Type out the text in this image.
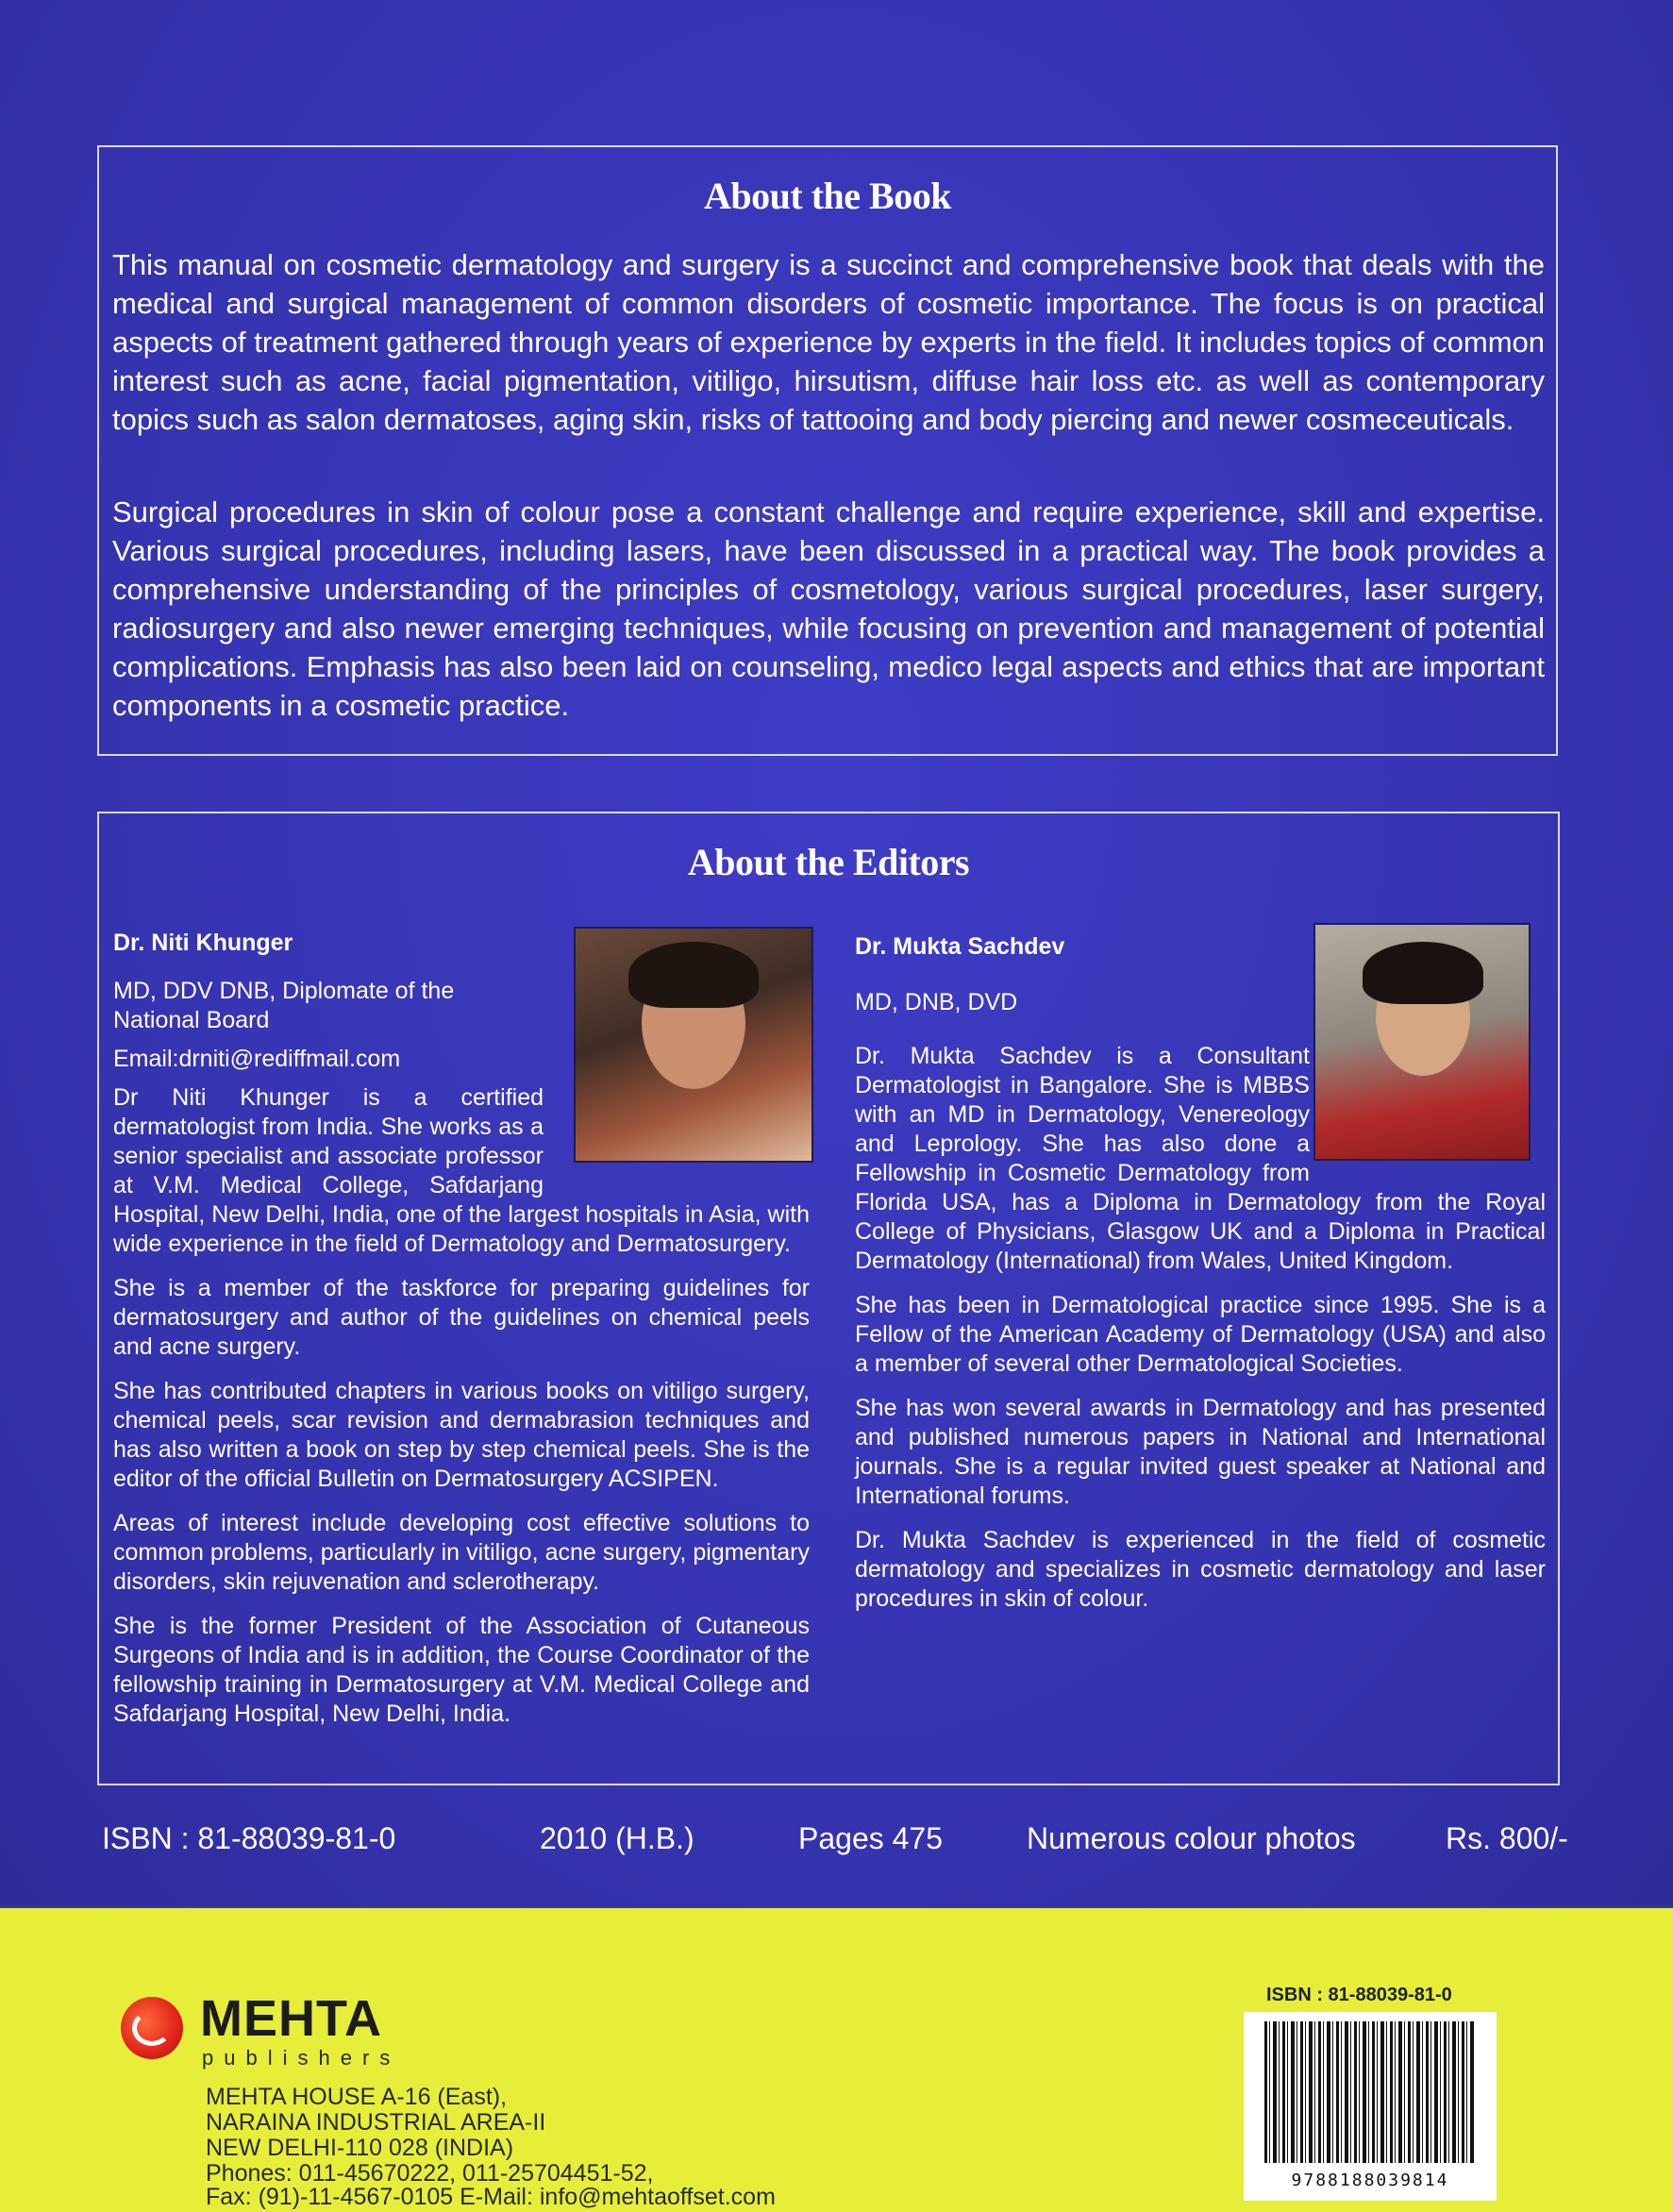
About the Book
This manual on cosmetic dermatology and surgery is a succinct and comprehensive book that deals with the medical and surgical management of common disorders of cosmetic importance. The focus is on practical aspects of treatment gathered through years of experience by experts in the field. It includes topics of common interest such as acne, facial pigmentation, vitiligo, hirsutism, diffuse hair loss etc. as well as contemporary topics such as salon dermatoses, aging skin, risks of tattooing and body piercing and newer cosmeceuticals.
Surgical procedures in skin of colour pose a constant challenge and require experience, skill and expertise. Various surgical procedures, including lasers, have been discussed in a practical way. The book provides a comprehensive understanding of the principles of cosmetology, various surgical procedures, laser surgery, radiosurgery and also newer emerging techniques, while focusing on prevention and management of potential complications. Emphasis has also been laid on counseling, medico legal aspects and ethics that are important components in a cosmetic practice.
About the Editors

Dr. Niti Khunger

MD, DDV DNB, Diplomate of the National Board

Email:drniti@rediffmail.com

Dr Niti Khunger is a certified dermatologist from India. She works as a senior specialist and associate professor at V.M. Medical College, Safdarjang Hospital, New Delhi, India, one of the largest hospitals in Asia, with wide experience in the field of Dermatology and Dermatosurgery.

She is a member of the taskforce for preparing guidelines for dermatosurgery and author of the guidelines on chemical peels and acne surgery.

She has contributed chapters in various books on vitiligo surgery, chemical peels, scar revision and dermabrasion techniques and has also written a book on step by step chemical peels. She is the editor of the official Bulletin on Dermatosurgery ACSIPEN.

Areas of interest include developing cost effective solutions to common problems, particularly in vitiligo, acne surgery, pigmentary disorders, skin rejuvenation and sclerotherapy.

She is the former President of the Association of Cutaneous Surgeons of India and is in addition, the Course Coordinator of the fellowship training in Dermatosurgery at V.M. Medical College and Safdarjang Hospital, New Delhi, India.

Dr. Mukta Sachdev

MD, DNB, DVD

Dr. Mukta Sachdev is a Consultant Dermatologist in Bangalore. She is MBBS with an MD in Dermatology, Venereology and Leprology. She has also done a Fellowship in Cosmetic Dermatology from Florida USA, has a Diploma in Dermatology from the Royal College of Physicians, Glasgow UK and a Diploma in Practical Dermatology (International) from Wales, United Kingdom.

She has been in Dermatological practice since 1995. She is a Fellow of the American Academy of Dermatology (USA) and also a member of several other Dermatological Societies.

She has won several awards in Dermatology and has presented and published numerous papers in National and International journals. She is a regular invited guest speaker at National and International forums.

Dr. Mukta Sachdev is experienced in the field of cosmetic dermatology and specializes in cosmetic dermatology and laser procedures in skin of colour.

ISBN : 81-88039-81-0	2010 (H.B.)	Pages 475	Numerous colour photos	Rs. 800/-
MEHTA
publishers
MEHTA HOUSE A-16 (East),
NARAINA INDUSTRIAL AREA-II
NEW DELHI-110 028 (INDIA)
Phones: 011-45670222, 011-25704451-52,
Fax: (91)-11-4567-0105 E-Mail: info@mehtaoffset.com
ISBN : 81-88039-81-0
9788188039814
